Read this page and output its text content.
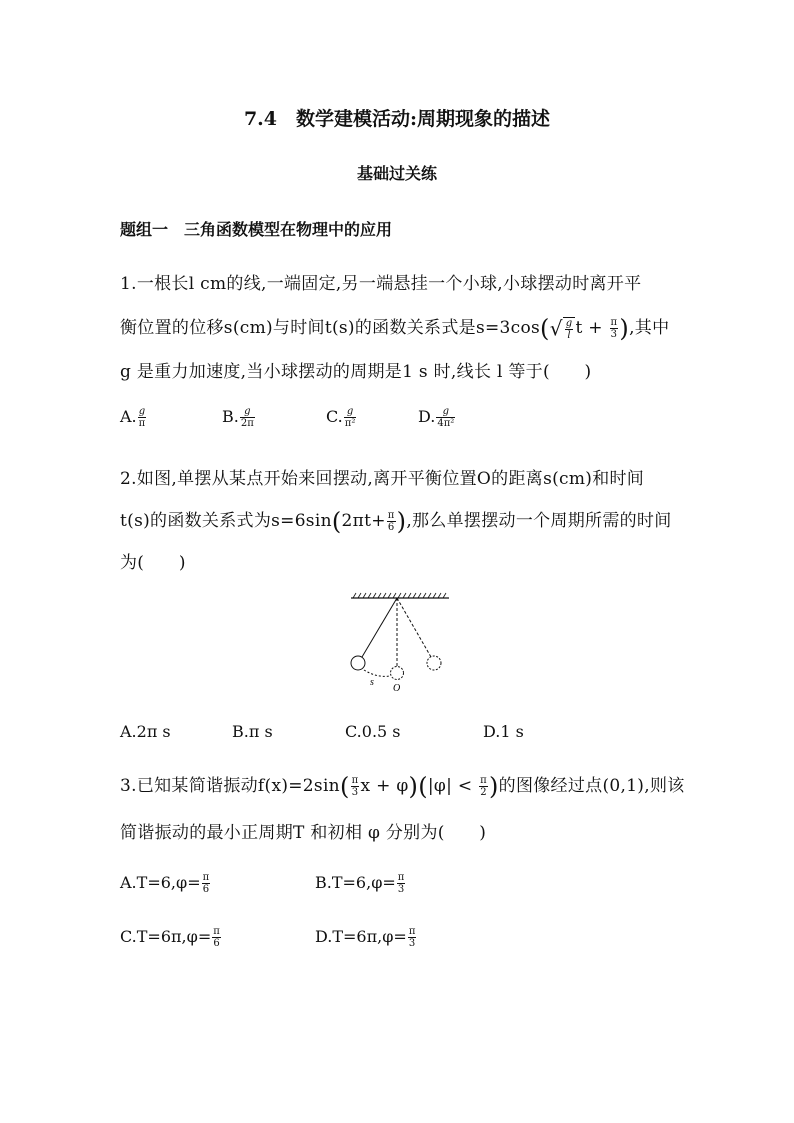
7.4　数学建模活动:周期现象的描述
基础过关练
题组一　三角函数模型在物理中的应用
1.一根长l cm的线,一端固定,另一端悬挂一个小球,小球摆动时离开平
衡位置的位移s(cm)与时间t(s)的函数关系式是$s=3\cos(√ \frac{g}{l}$ $t + \frac{\pi}{3}$ ),其中
g 是重力加速度,当小球摆动的周期是1 s 时,线长 l 等于(　　)
A. $\frac{g}{\pi}$	B. $\frac{g}{2\pi}$	C. $\frac{g}{\text{π²}}$	D. $\frac{g}{\text{4π²}}$
2.如图,单摆从某点开始来回摆动,离开平衡位置O的距离s(cm)和时间
t(s)的函数关系式为$s=6\sin(2\pi t+ \frac{\pi}{6}$ ),那么单摆摆动一个周期所需的时间
为(　　)
s
O
A.2π s	B.π s	C.0.5 s	D.1 s
3.已知某简谐振动$f(x)=2\sin( \frac{\pi}{3}$ $x + \varphi)(|\varphi| < \frac{\pi}{2}$ )的图像经过点(0,1),则该
简谐振动的最小正周期T 和初相 φ 分别为(　　)
$A.T=6,\varphi= \frac{\pi}{6}$	$B.T=6,\varphi= \frac{\pi}{3}$
$C.T=6\pi,\varphi= \frac{\pi}{6}$	$D.T=6\pi,\varphi= \frac{\pi}{3}$
